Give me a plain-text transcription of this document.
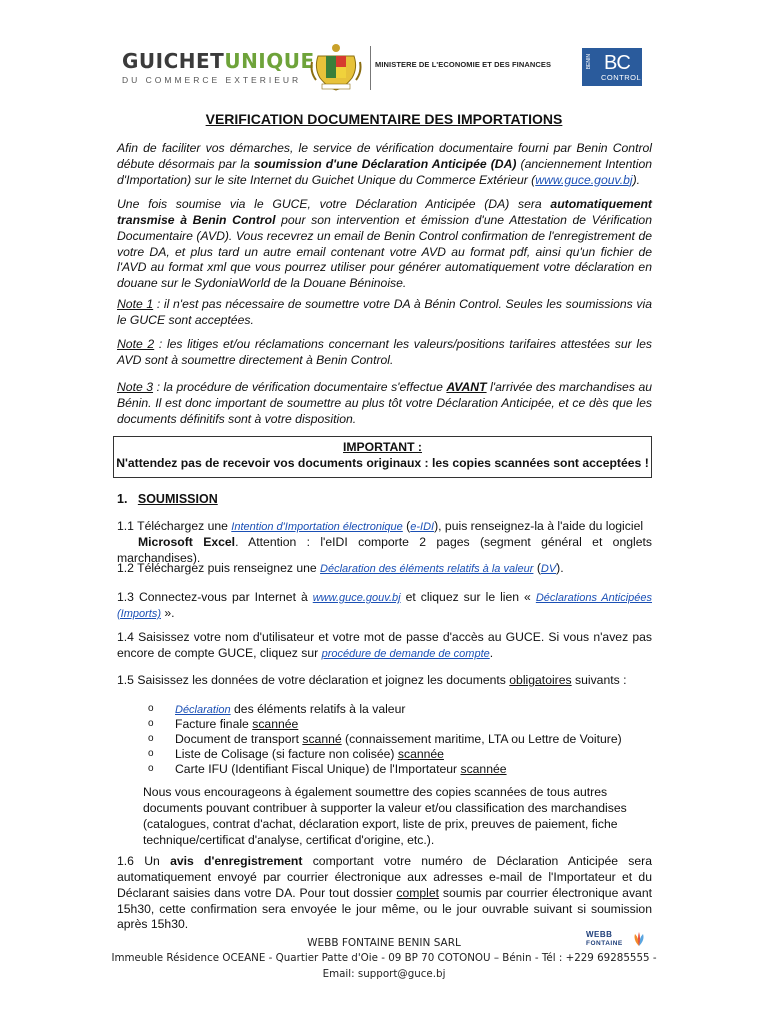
GUICHETUNIQUE
DU COMMERCE EXTERIEUR
MINISTERE DE L'ECONOMIE ET DES FINANCES	BENIN BC
CONTROL
VERIFICATION DOCUMENTAIRE DES IMPORTATIONS
Afin de faciliter vos démarches, le service de vérification documentaire fourni par Benin Control débute désormais par la soumission d'une Déclaration Anticipée (DA) (anciennement Intention d'Importation) sur le site Internet du Guichet Unique du Commerce Extérieur (www.guce.gouv.bj).
Une fois soumise via le GUCE, votre Déclaration Anticipée (DA) sera automatiquement transmise à Benin Control pour son intervention et émission d'une Attestation de Vérification Documentaire (AVD). Vous recevrez un email de Benin Control confirmation de l'enregistrement de votre DA, et plus tard un autre email contenant votre AVD au format pdf, ainsi qu'un fichier de l'AVD au format xml que vous pourrez utiliser pour générer automatiquement votre déclaration en douane sur le SydoniaWorld de la Douane Béninoise.
Note 1 : il n'est pas nécessaire de soumettre votre DA à Bénin Control. Seules les soumissions via le GUCE sont acceptées.
Note 2 : les litiges et/ou réclamations concernant les valeurs/positions tarifaires attestées sur les AVD sont à soumettre directement à Benin Control.
Note 3 : la procédure de vérification documentaire s'effectue AVANT l'arrivée des marchandises au Bénin. Il est donc important de soumettre au plus tôt votre Déclaration Anticipée, et ce dès que les documents définitifs sont à votre disposition.
IMPORTANT :
N'attendez pas de recevoir vos documents originaux : les copies scannées sont acceptées !
1. SOUMISSION
1.1 Téléchargez une Intention d'Importation électronique (e-IDI), puis renseignez-la à l'aide du logiciel
Microsoft Excel. Attention : l'eIDI comporte 2 pages (segment général et onglets marchandises).
1.2 Téléchargez puis renseignez une Déclaration des éléments relatifs à la valeur (DV).
1.3 Connectez-vous par Internet à www.guce.gouv.bj et cliquez sur le lien « Déclarations Anticipées (Imports) ».
1.4 Saisissez votre nom d'utilisateur et votre mot de passe d'accès au GUCE. Si vous n'avez pas encore de compte GUCE, cliquez sur procédure de demande de compte.
1.5 Saisissez les données de votre déclaration et joignez les documents obligatoires suivants :
o	Déclaration des éléments relatifs à la valeur
o	Facture finale scannée
o	Document de transport scanné (connaissement maritime, LTA ou Lettre de Voiture)
o	Liste de Colisage (si facture non colisée) scannée
o	Carte IFU (Identifiant Fiscal Unique) de l'Importateur scannée
Nous vous encourageons à également soumettre des copies scannées de tous autres documents pouvant contribuer à supporter la valeur et/ou classification des marchandises (catalogues, contrat d'achat, déclaration export, liste de prix, preuves de paiement, fiche technique/certificat d'analyse, certificat d'origine, etc.).
1.6 Un avis d'enregistrement comportant votre numéro de Déclaration Anticipée sera automatiquement envoyé par courrier électronique aux adresses e-mail de l'Importateur et du Déclarant saisies dans votre DA. Pour tout dossier complet soumis par courrier électronique avant 15h30, cette confirmation sera envoyée le jour même, ou le jour ouvrable suivant si soumission après 15h30.
WEBB FONTAINE BENIN SARL
Immeuble Résidence OCEANE - Quartier Patte d'Oie - 09 BP 70 COTONOU – Bénin - Tél : +229 69285555 -
Email: support@guce.bj
WEBB
FONTAINE
